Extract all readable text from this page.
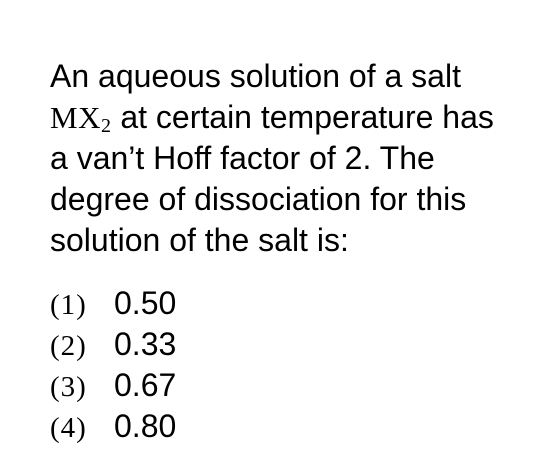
An aqueous solution of a salt
$MX_2$ at certain temperature has
a van’t Hoff factor of 2. The
degree of dissociation for this
solution of the salt is:
(1) 0.50
(2) 0.33
(3) 0.67
(4) 0.80
